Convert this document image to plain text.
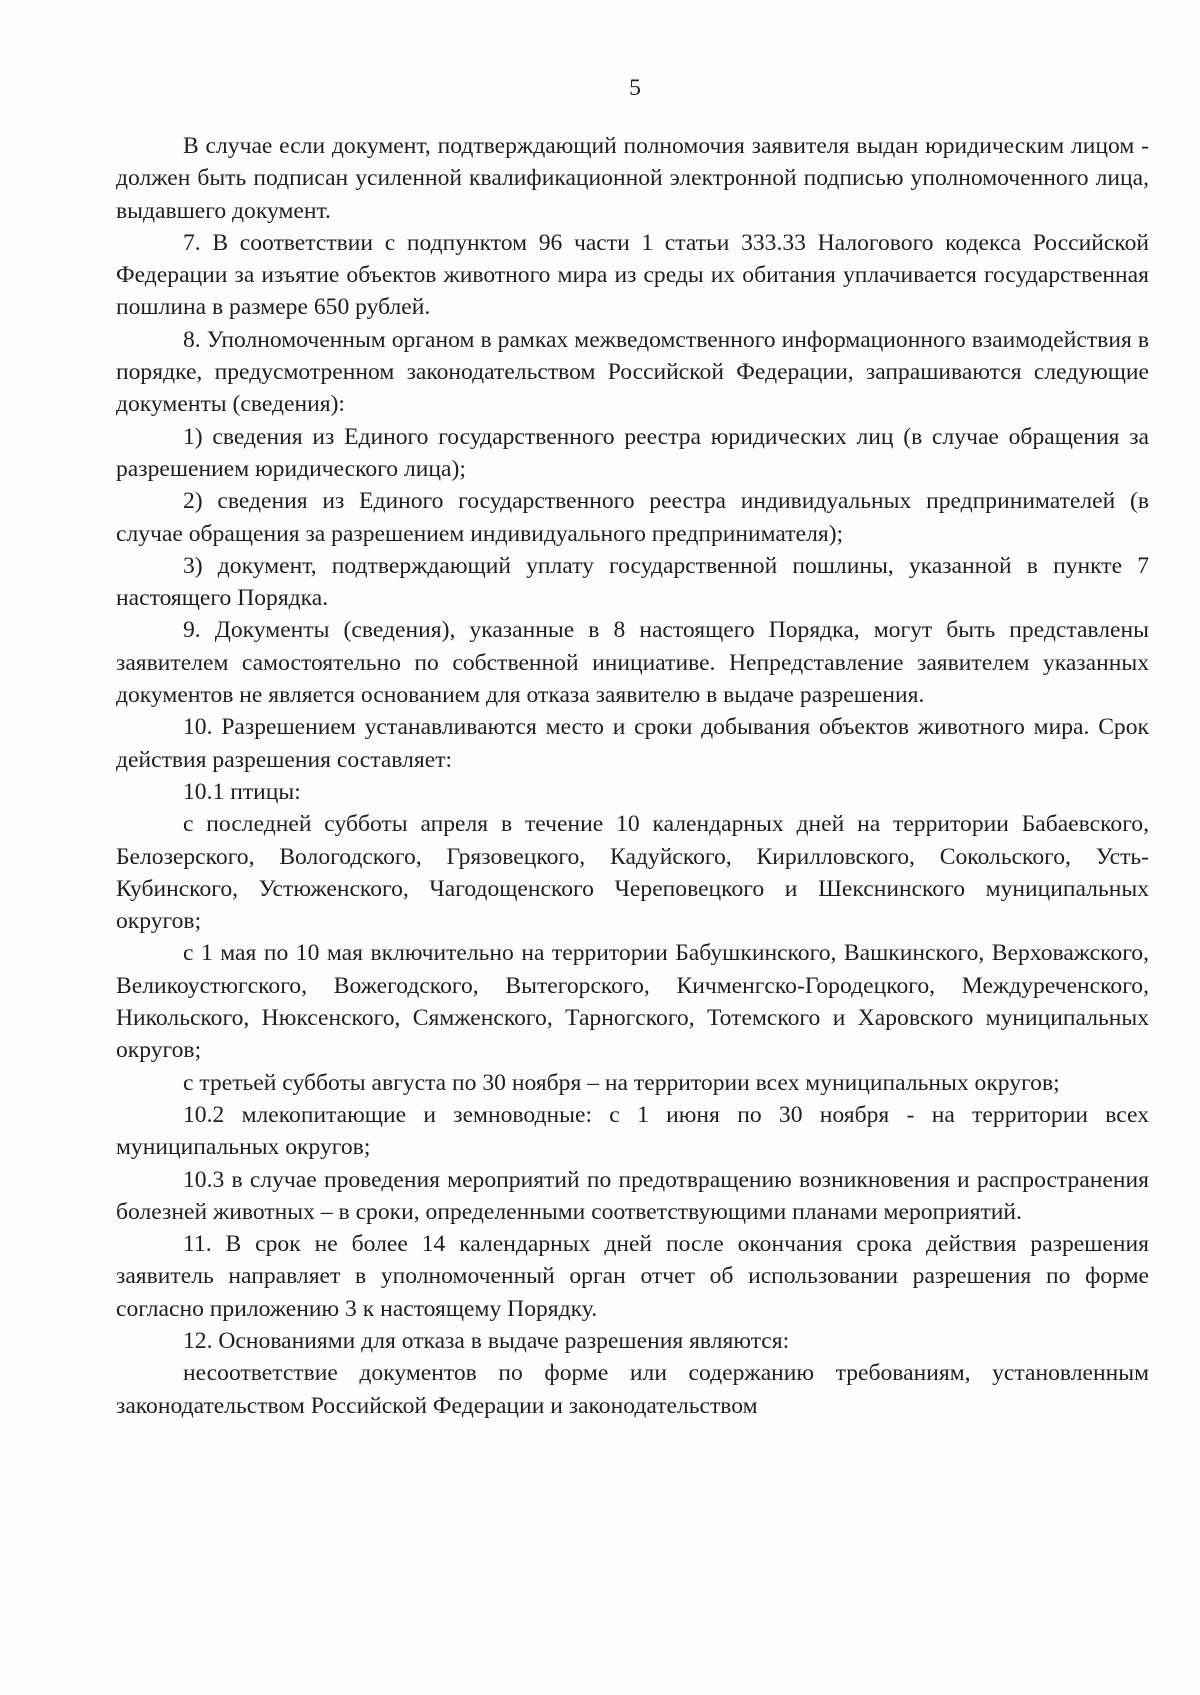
5

В случае если документ, подтверждающий полномочия заявителя выдан юридическим лицом - должен быть подписан усиленной квалификационной электронной подписью уполномоченного лица, выдавшего документ.

7. В соответствии с подпунктом 96 части 1 статьи 333.33 Налогового кодекса Российской Федерации за изъятие объектов животного мира из среды их обитания уплачивается государственная пошлина в размере 650 рублей.

8. Уполномоченным органом в рамках межведомственного информационного взаимодействия в порядке, предусмотренном законодательством Российской Федерации, запрашиваются следующие документы (сведения):

1) сведения из Единого государственного реестра юридических лиц (в случае обращения за разрешением юридического лица);

2) сведения из Единого государственного реестра индивидуальных предпринимателей (в случае обращения за разрешением индивидуального предпринимателя);

3) документ, подтверждающий уплату государственной пошлины, указанной в пункте 7 настоящего Порядка.

9. Документы (сведения), указанные в 8 настоящего Порядка, могут быть представлены заявителем самостоятельно по собственной инициативе. Непредставление заявителем указанных документов не является основанием для отказа заявителю в выдаче разрешения.

10. Разрешением устанавливаются место и сроки добывания объектов животного мира. Срок действия разрешения составляет:

10.1 птицы:

с последней субботы апреля в течение 10 календарных дней на территории Бабаевского, Белозерского, Вологодского, Грязовецкого, Кадуйского, Кирилловского, Сокольского, Усть-Кубинского, Устюженского, Чагодощенского Череповецкого и Шекснинского муниципальных округов;

с 1 мая по 10 мая включительно на территории Бабушкинского, Вашкинского, Верховажского, Великоустюгского, Вожегодского, Вытегорского, Кичменгско-Городецкого, Междуреченского, Никольского, Нюксенского, Сямженского, Тарногского, Тотемского и Харовского муниципальных округов;

с третьей субботы августа по 30 ноября – на территории всех муниципальных округов;

10.2 млекопитающие и земноводные: с 1 июня по 30 ноября - на территории всех муниципальных округов;

10.3 в случае проведения мероприятий по предотвращению возникновения и распространения болезней животных – в сроки, определенными соответствующими планами мероприятий.

11. В срок не более 14 календарных дней после окончания срока действия разрешения заявитель направляет в уполномоченный орган отчет об использовании разрешения по форме согласно приложению 3 к настоящему Порядку.

12. Основаниями для отказа в выдаче разрешения являются:

несоответствие документов по форме или содержанию требованиям, установленным законодательством Российской Федерации и законодательством
